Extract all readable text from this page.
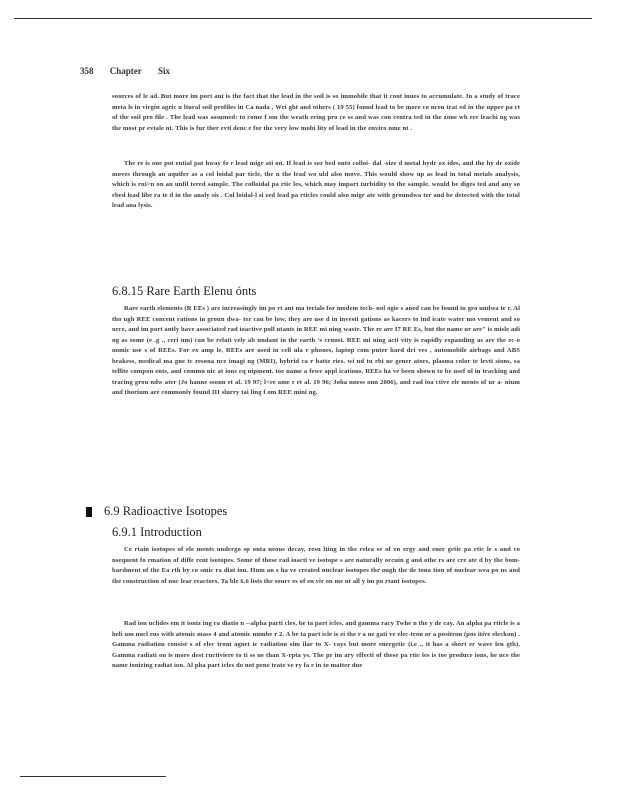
358 Chapter Six
sources of le ad. But more im port ant is the fact that the lead in the soil is so immobile that it cont inues to accumulate. In a study of trace meta ls in virgin agric u ltural soil profiles in Ca nada , Wri ght and others ( 19 55) found lead to be more co ncen trat ed in the upper pa rt of the soil pro file . The lead was assumed: to come f om the weath ering pro ce ss and was con centra ted in the zone wh ere leachi ng was the most pr evtale nt. This is fur ther evti denc e for the very low mobi lity of lead in the enviro nme nt .
The re is one pot ential pat hway fo r lead migr ati on. If lead is sor bed onto colloi- dal -size d metal hydr ox ides, and the hy dr oxide moves through an aquifer as a col loidal par ticle, the n the lead wo uld also move. This would show up as lead in total metals analysis, which is rui>n on an unfil tered sample. The colloidal pa rtic les, which may impart turbidity to the sample. would be diges ted and any so rbed lead libe ra te d in the analy sis . Col loidal-l si zed lead pa rticles could also migr ate with groundwa ter and be detected with the total lead ana lysis.
6.8.15 Rare Earth Elenu ónts
Rare earth elements (R EEs ) are increasingly im po rt ant ma terials for modem tech- nol ogie s aned can be found in gro undwa te r. Al tho ugh REE concent rations in groun dwa- ter can be low, they are use d in investi gations as kacers to ind icate water mo vement and so urce, and im port antly have associated rad ioactive poll utants in REE mi ning waste. The re are I7 RE Es, but the name ur are" is misle adi ng as some (e .g ., ceri um) can be relati vely ab undant in the earth 's crunst. REE mi ning acti vity is rapidly expanding as are the ec-o nomic use s of REEs. For ex amp le, REEs are used in cell ula r phones, laptop com puter hard dri ves , automobile airbags and ABS brakess, medical ma gne tc resona nce imagi ng (MRI), hybrid ca r batte ries. wi nd tu rbi ne gener ators, plasma color te levti sions, sa tellite compon ents, and commu nic at ions eq uipment. toe name a fewe appl ications. REEs ha ve been shown to be usef ul in tracking and tracing grou ndw ater (Jo hanne ssonn et al. 19 97; l<re ame r et al. 19 96; Joha nness onn 2006), and rad ioa ctive ele ments of ur a- nium and thorium are commonly found III slurry tai ling f om REE mini ng.
6.9 Radioactive Isotopes
6.9.1 Introduction
Ce rtain isotopes of ele ments undergo sp onta neous decay, resu lting in the relea se of en ergy and ener getic pa rtic le s and co nsequent fo rmation of diffe rent isotopes. Some of these rad ioacti ve isotope s are naturally occuin g and othe rs are cre ate d by the bom- bardment of the Ea rth by co smic ra diat ion. Hum an s ha ve created nuclear isotopes thr ough the de tona tion of nuclear wea po ns and the construction of nuc lear reactors. Ta ble 6.6 lists the sourc es of en vir on me nt all y im po rtant isotopes.
Rad ion uclides em it ioniz ing ra diatio n --alpha parti cles, be ta part icles, and gamma racy Twhe n the y de cay. An alpha pa rticle is a heli um nucl eus with atomic mass 4 and atomic numbe r 2. A be ta part icle is ei the r a ne gati ve elec-tron or a positron (pos itive eleckon) . Gamma radiation consist s of elec trom agnet ic radiation sim ilar to X- rays but more energetic (i.e ., it has a short er wave len gth). Gamma radiati on is more dest ructiviere to ti ss ue than X-rpta ys. The pr im ary effecti of these pa rtic les is toe produce ions, he nce the name ionizing radiat ion. Al pha part icles do not pene trate ve ry fa r in to matter due
